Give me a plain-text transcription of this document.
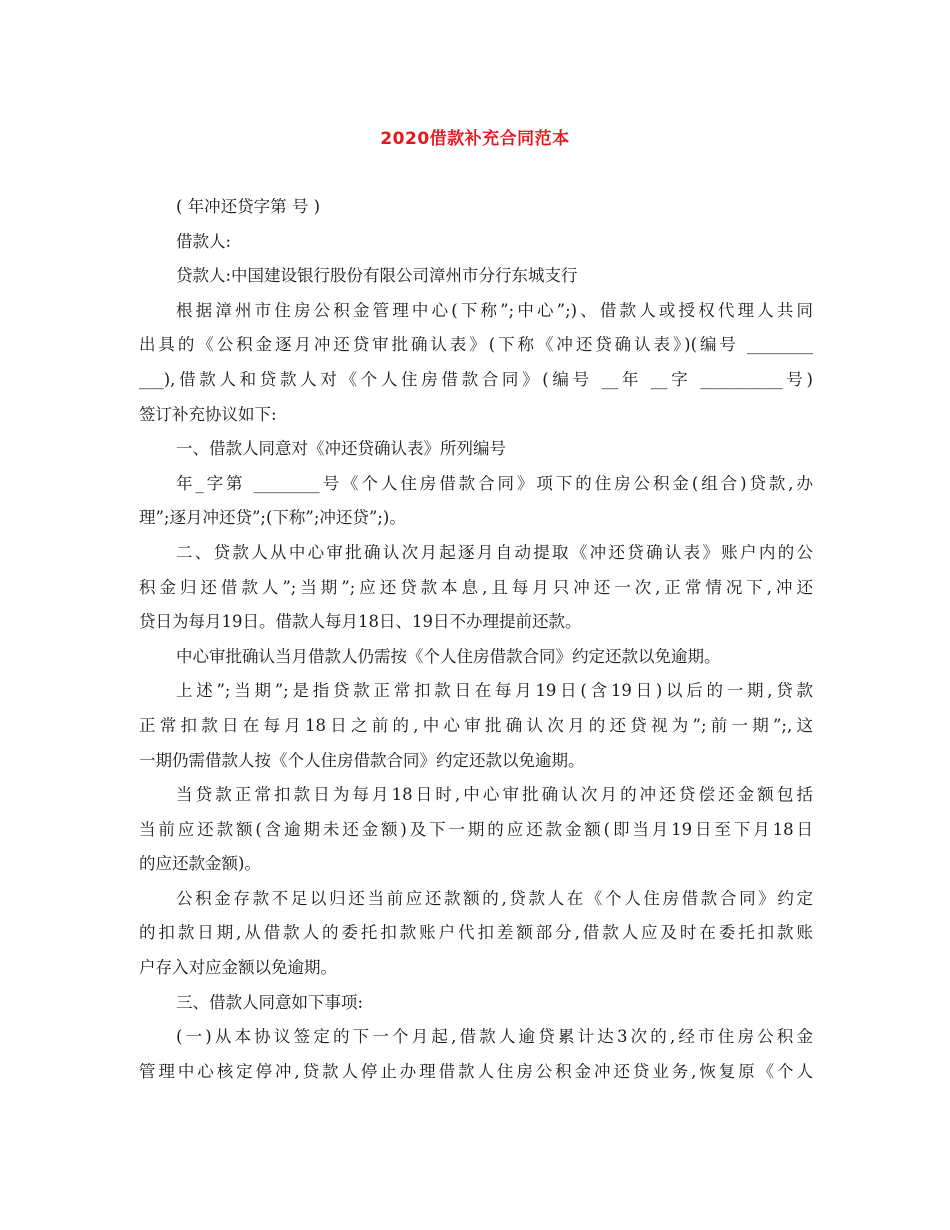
2020借款补充合同范本
( 年冲还贷字第 号 )
借款人:
贷款人:中国建设银行股份有限公司漳州市分行东城支行
根据漳州市住房公积金管理中心(下称”;中心”;)、借款人或授权代理人共同
出具的《公积金逐月冲还贷审批确认表》(下称《冲还贷确认表》)(编号 ________
___),借款人和贷款人对《个人住房借款合同》(编号 __年 __字 __________号)
签订补充协议如下:
一、借款人同意对《冲还贷确认表》所列编号
年_字第 ________号《个人住房借款合同》项下的住房公积金(组合)贷款,办
理”;逐月冲还贷”;(下称”;冲还贷”;)。
二、贷款人从中心审批确认次月起逐月自动提取《冲还贷确认表》账户内的公
积金归还借款人”;当期”;应还贷款本息,且每月只冲还一次,正常情况下,冲还
贷日为每月19日。借款人每月18日、19日不办理提前还款。
中心审批确认当月借款人仍需按《个人住房借款合同》约定还款以免逾期。
上述”;当期”;是指贷款正常扣款日在每月19日(含19日)以后的一期,贷款
正常扣款日在每月18日之前的,中心审批确认次月的还贷视为”;前一期”;,这
一期仍需借款人按《个人住房借款合同》约定还款以免逾期。
当贷款正常扣款日为每月18日时,中心审批确认次月的冲还贷偿还金额包括
当前应还款额(含逾期未还金额)及下一期的应还款金额(即当月19日至下月18日
的应还款金额)。
公积金存款不足以归还当前应还款额的,贷款人在《个人住房借款合同》约定
的扣款日期,从借款人的委托扣款账户代扣差额部分,借款人应及时在委托扣款账
户存入对应金额以免逾期。
三、借款人同意如下事项:
(一)从本协议签定的下一个月起,借款人逾贷累计达3次的,经市住房公积金
管理中心核定停冲,贷款人停止办理借款人住房公积金冲还贷业务,恢复原《个人
